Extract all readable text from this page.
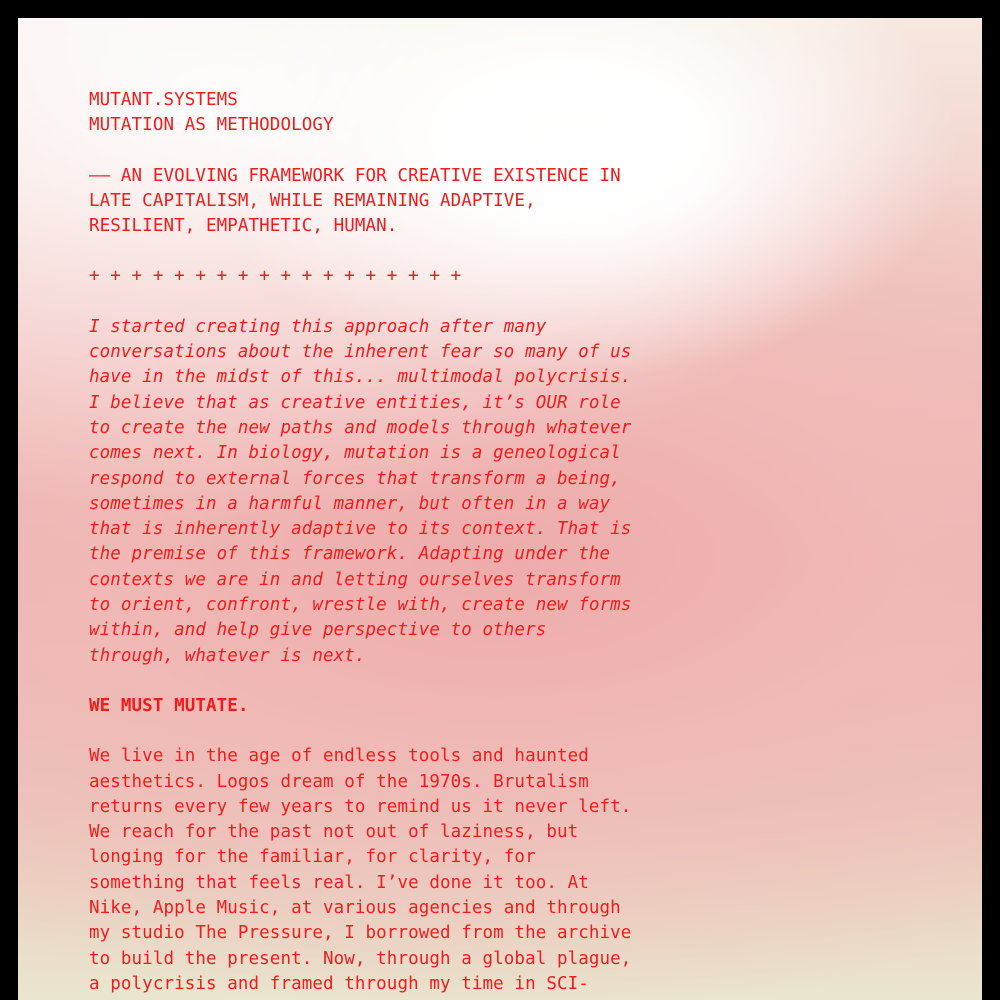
MUTANT.SYSTEMS
MUTATION AS METHODOLOGY
—— AN EVOLVING FRAMEWORK FOR CREATIVE EXISTENCE IN
LATE CAPITALISM, WHILE REMAINING ADAPTIVE,
RESILIENT, EMPATHETIC, HUMAN.
+ + + + + + + + + + + + + + + + + +
I started creating this approach after many
conversations about the inherent fear so many of us
have in the midst of this... multimodal polycrisis.
I believe that as creative entities, it’s OUR role
to create the new paths and models through whatever
comes next. In biology, mutation is a geneological
respond to external forces that transform a being,
sometimes in a harmful manner, but often in a way
that is inherently adaptive to its context. That is
the premise of this framework. Adapting under the
contexts we are in and letting ourselves transform
to orient, confront, wrestle with, create new forms
within, and help give perspective to others
through, whatever is next.
WE MUST MUTATE.
We live in the age of endless tools and haunted
aesthetics. Logos dream of the 1970s. Brutalism
returns every few years to remind us it never left.
We reach for the past not out of laziness, but
longing for the familiar, for clarity, for
something that feels real. I’ve done it too. At
Nike, Apple Music, at various agencies and through
my studio The Pressure, I borrowed from the archive
to build the present. Now, through a global plague,
a polycrisis and framed through my time in SCI-
